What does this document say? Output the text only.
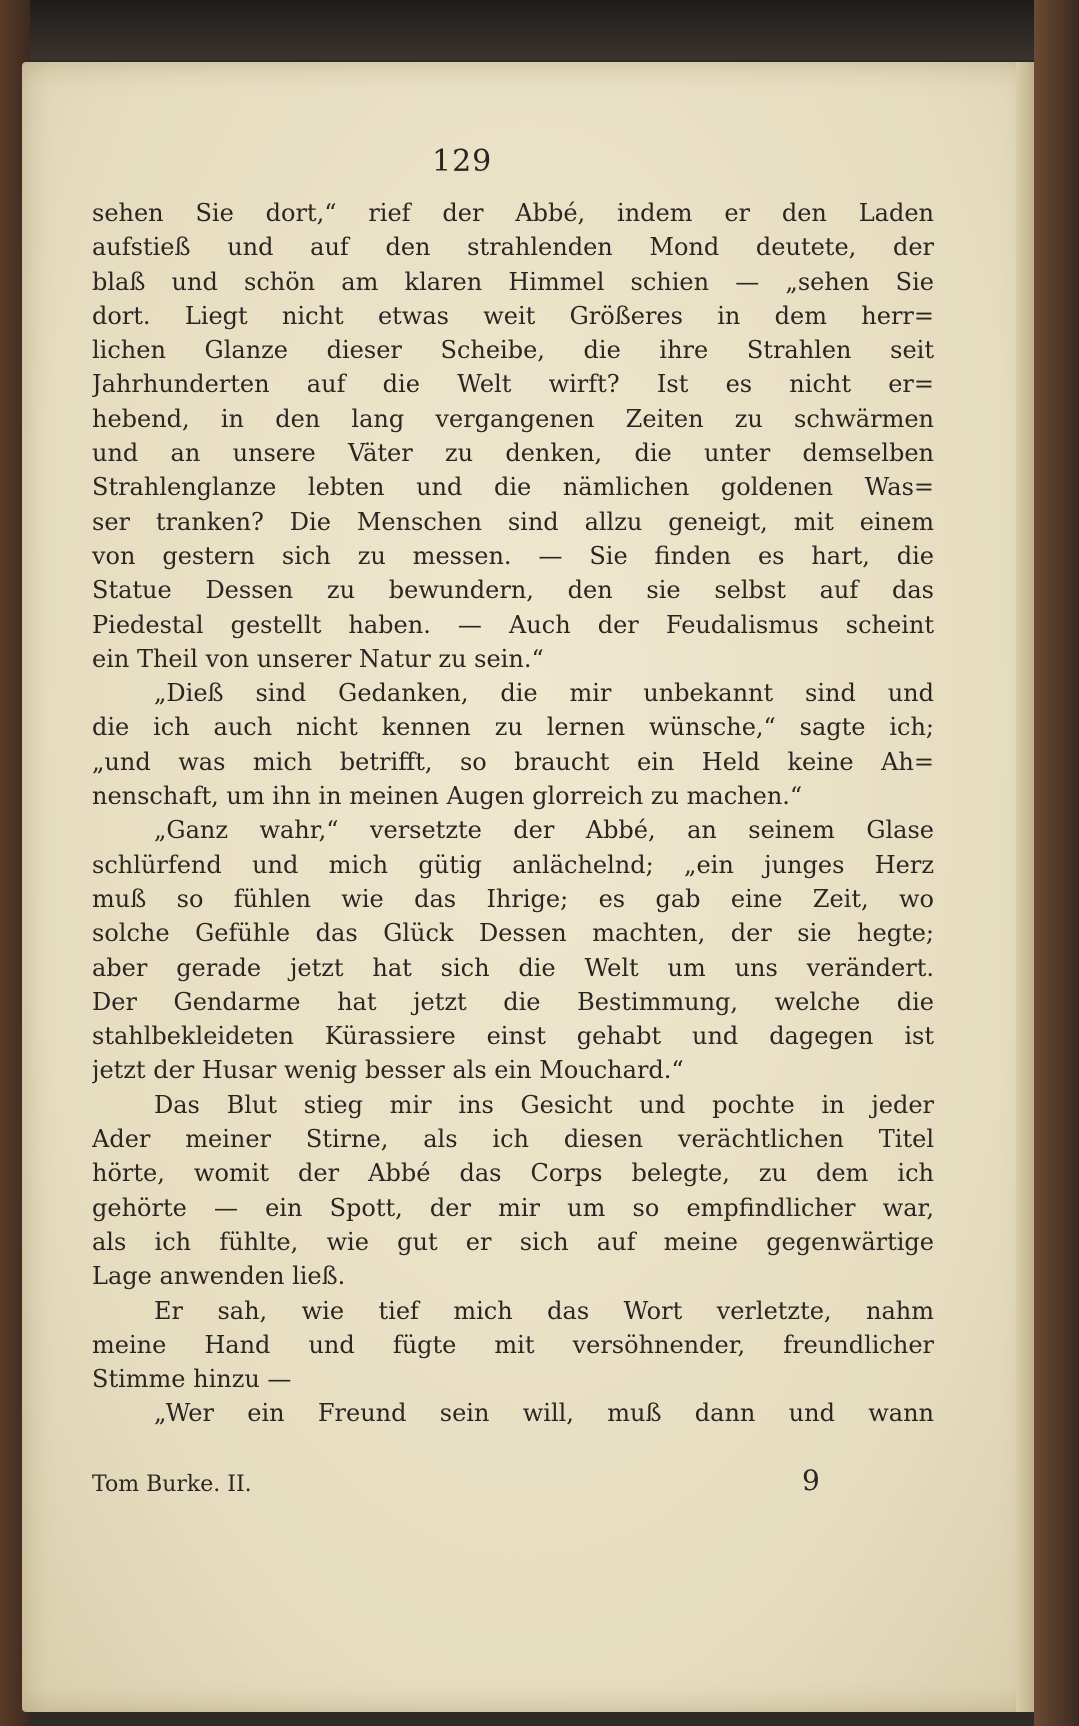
129
sehen Sie dort,“ rief der Abbé, indem er den Laden
aufstieß und auf den strahlenden Mond deutete, der
blaß und schön am klaren Himmel schien — „sehen Sie
dort. Liegt nicht etwas weit Größeres in dem herr=
lichen Glanze dieser Scheibe, die ihre Strahlen seit
Jahrhunderten auf die Welt wirft? Ist es nicht er=
hebend, in den lang vergangenen Zeiten zu schwärmen
und an unsere Väter zu denken, die unter demselben
Strahlenglanze lebten und die nämlichen goldenen Was=
ser tranken? Die Menschen sind allzu geneigt, mit einem
von gestern sich zu messen. — Sie finden es hart, die
Statue Dessen zu bewundern, den sie selbst auf das
Piedestal gestellt haben. — Auch der Feudalismus scheint
ein Theil von unserer Natur zu sein.“
„Dieß sind Gedanken, die mir unbekannt sind und
die ich auch nicht kennen zu lernen wünsche,“ sagte ich;
„und was mich betrifft, so braucht ein Held keine Ah=
nenschaft, um ihn in meinen Augen glorreich zu machen.“
„Ganz wahr,“ versetzte der Abbé, an seinem Glase
schlürfend und mich gütig anlächelnd; „ein junges Herz
muß so fühlen wie das Ihrige; es gab eine Zeit, wo
solche Gefühle das Glück Dessen machten, der sie hegte;
aber gerade jetzt hat sich die Welt um uns verändert.
Der Gendarme hat jetzt die Bestimmung, welche die
stahlbekleideten Kürassiere einst gehabt und dagegen ist
jetzt der Husar wenig besser als ein Mouchard.“
Das Blut stieg mir ins Gesicht und pochte in jeder
Ader meiner Stirne, als ich diesen verächtlichen Titel
hörte, womit der Abbé das Corps belegte, zu dem ich
gehörte — ein Spott, der mir um so empfindlicher war,
als ich fühlte, wie gut er sich auf meine gegenwärtige
Lage anwenden ließ.
Er sah, wie tief mich das Wort verletzte, nahm
meine Hand und fügte mit versöhnender, freundlicher
Stimme hinzu —
„Wer ein Freund sein will, muß dann und wann
Tom Burke. II.	9
